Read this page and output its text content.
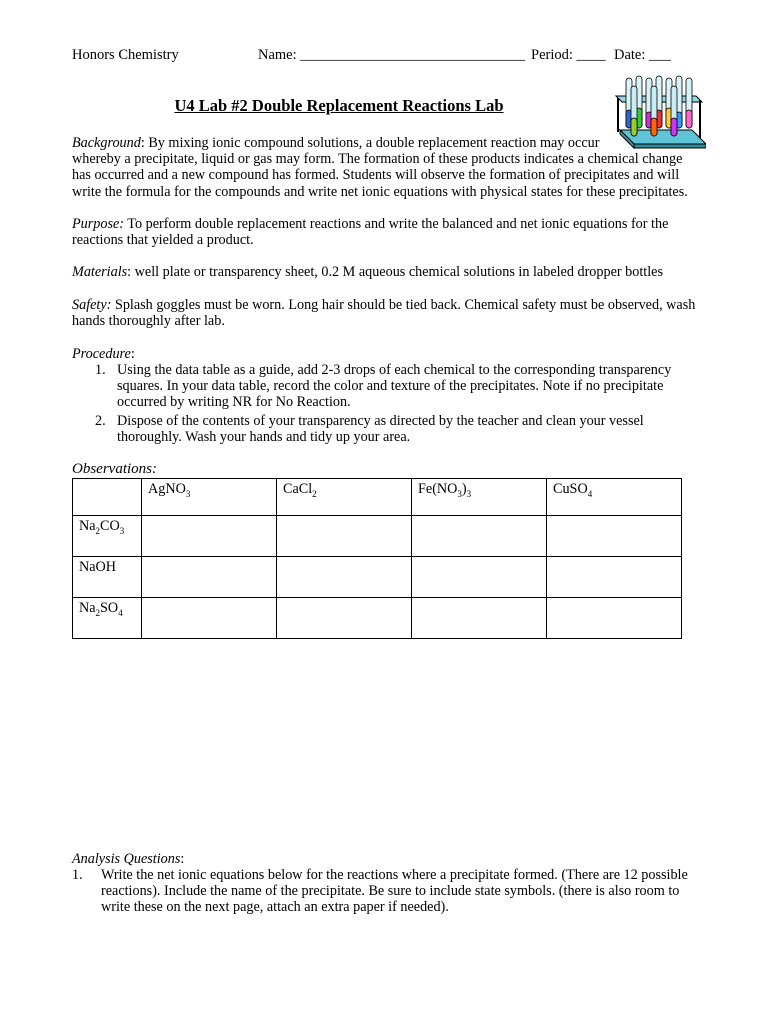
Honors Chemistry	Name: _______________________________ Period: ____ Date: ___
U4 Lab #2 Double Replacement Reactions Lab
Background: By mixing ionic compound solutions, a double replacement reaction may occur
whereby a precipitate, liquid or gas may form. The formation of these products indicates a chemical change has occurred and a new compound has formed. Students will observe the formation of precipitates and will write the formula for the compounds and write net ionic equations with physical states for these precipitates.
Purpose: To perform double replacement reactions and write the balanced and net ionic equations for the reactions that yielded a product.
Materials: well plate or transparency sheet, 0.2 M aqueous chemical solutions in labeled dropper bottles
Safety: Splash goggles must be worn. Long hair should be tied back. Chemical safety must be observed, wash hands thoroughly after lab.
Procedure:
1. Using the data table as a guide, add 2-3 drops of each chemical to the corresponding transparency squares. In your data table, record the color and texture of the precipitates. Note if no precipitate occurred by writing NR for No Reaction.
2. Dispose of the contents of your transparency as directed by the teacher and clean your vessel thoroughly. Wash your hands and tidy up your area.
Observations:
	AgNO$_3$	CaCl$_2$	$Fe(NO_3)_3$	CuSO$_4$
$Na_2CO_3$				
NaOH				
$Na_2SO_4$				
Analysis Questions:
1.	Write the net ionic equations below for the reactions where a precipitate formed. (There are 12 possible reactions). Include the name of the precipitate. Be sure to include state symbols. (there is also room to write these on the next page, attach an extra paper if needed).
